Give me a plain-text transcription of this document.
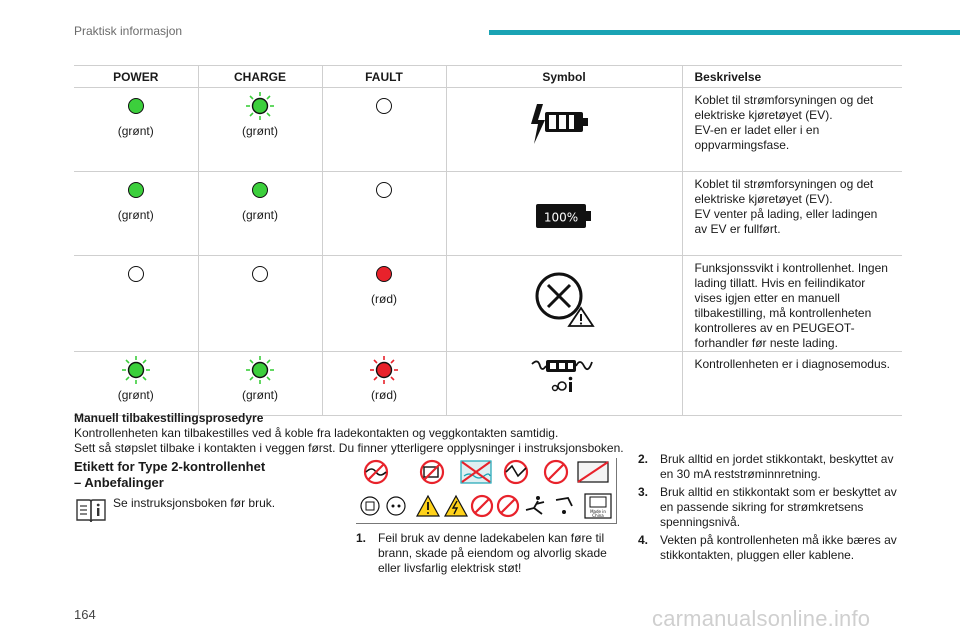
Praktisk informasjon
POWER	CHARGE	FAULT	Symbol	Beskrivelse

(grønt)	(grønt)			Koblet til strømforsyningen og det elektriske kjøretøyet (EV).
EV-en er ladet eller i en oppvarmingsfase.

(grønt)	(grønt)		100%	Koblet til strømforsyningen og det elektriske kjøretøyet (EV).
EV venter på lading, eller ladingen av EV er fullført.

		(rød)		Funksjonssvikt i kontrollenhet. Ingen lading tillatt. Hvis en feilindikator vises igjen etter en manuell tilbakestilling, må kontrollenheten kontrolleres av en PEUGEOT-forhandler før neste lading.

(grønt)	(grønt)	(rød)		Kontrollenheten er i diagnosemodus.
Manuell tilbakestillingsprosedyre
Kontrollenheten kan tilbakestilles ved å koble fra ladekontakten og veggkontakten samtidig.
Sett så støpslet tilbake i kontakten i veggen først. Du finner ytterligere opplysninger i instruksjonsboken.
Etikett for Type 2-kontrollenhet
– Anbefalinger
Se instruksjonsboken før bruk.
Made in
China
1. Feil bruk av denne ladekabelen kan føre til brann, skade på eiendom og alvorlig skade eller livsfarlig elektrisk støt!
2. Bruk alltid en jordet stikkontakt, beskyttet av en 30 mA reststrøminnretning.
3. Bruk alltid en stikkontakt som er beskyttet av en passende sikring for strømkretsens spenningsnivå.
4. Vekten på kontrollenheten må ikke bæres av stikkontakten, pluggen eller kablene.
164	carmanualsonline.info
